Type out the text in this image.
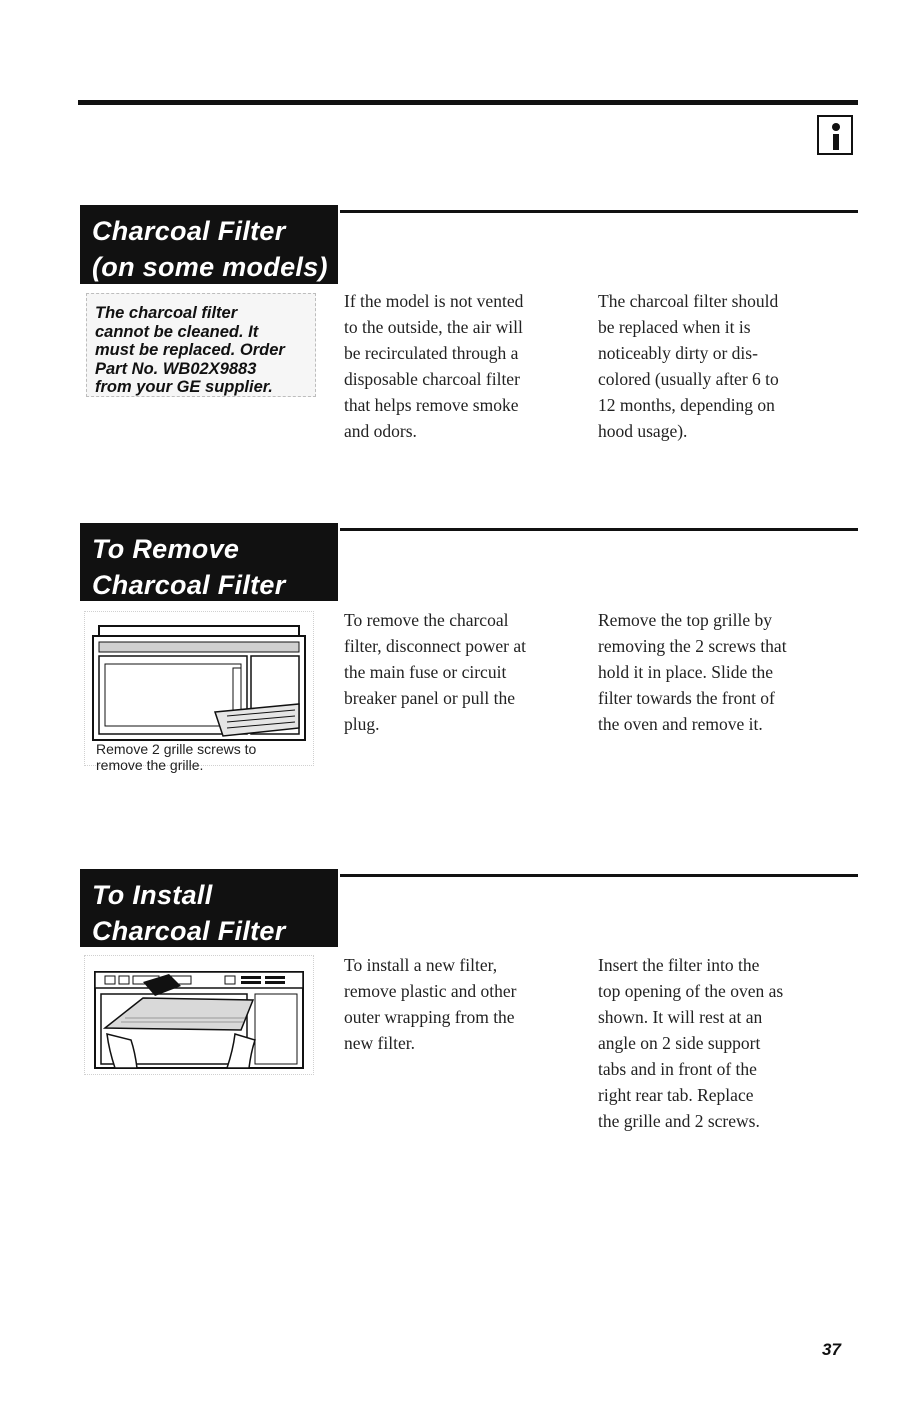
Charcoal Filter
(on some models)
The charcoal filter
cannot be cleaned. It
must be replaced. Order
Part No. WB02X9883
from your GE supplier.
If the model is not vented
to the outside, the air will
be recirculated through a
disposable charcoal filter
that helps remove smoke
and odors.
The charcoal filter should
be replaced when it is
noticeably dirty or dis-
colored (usually after 6 to
12 months, depending on
hood usage).
To Remove
Charcoal Filter
Remove 2 grille screws to
remove the grille.
To remove the charcoal
filter, disconnect power at
the main fuse or circuit
breaker panel or pull the
plug.
Remove the top grille by
removing the 2 screws that
hold it in place. Slide the
filter towards the front of
the oven and remove it.
To Install
Charcoal Filter
To install a new filter,
remove plastic and other
outer wrapping from the
new filter.
Insert the filter into the
top opening of the oven as
shown. It will rest at an
angle on 2 side support
tabs and in front of the
right rear tab. Replace
the grille and 2 screws.
37
